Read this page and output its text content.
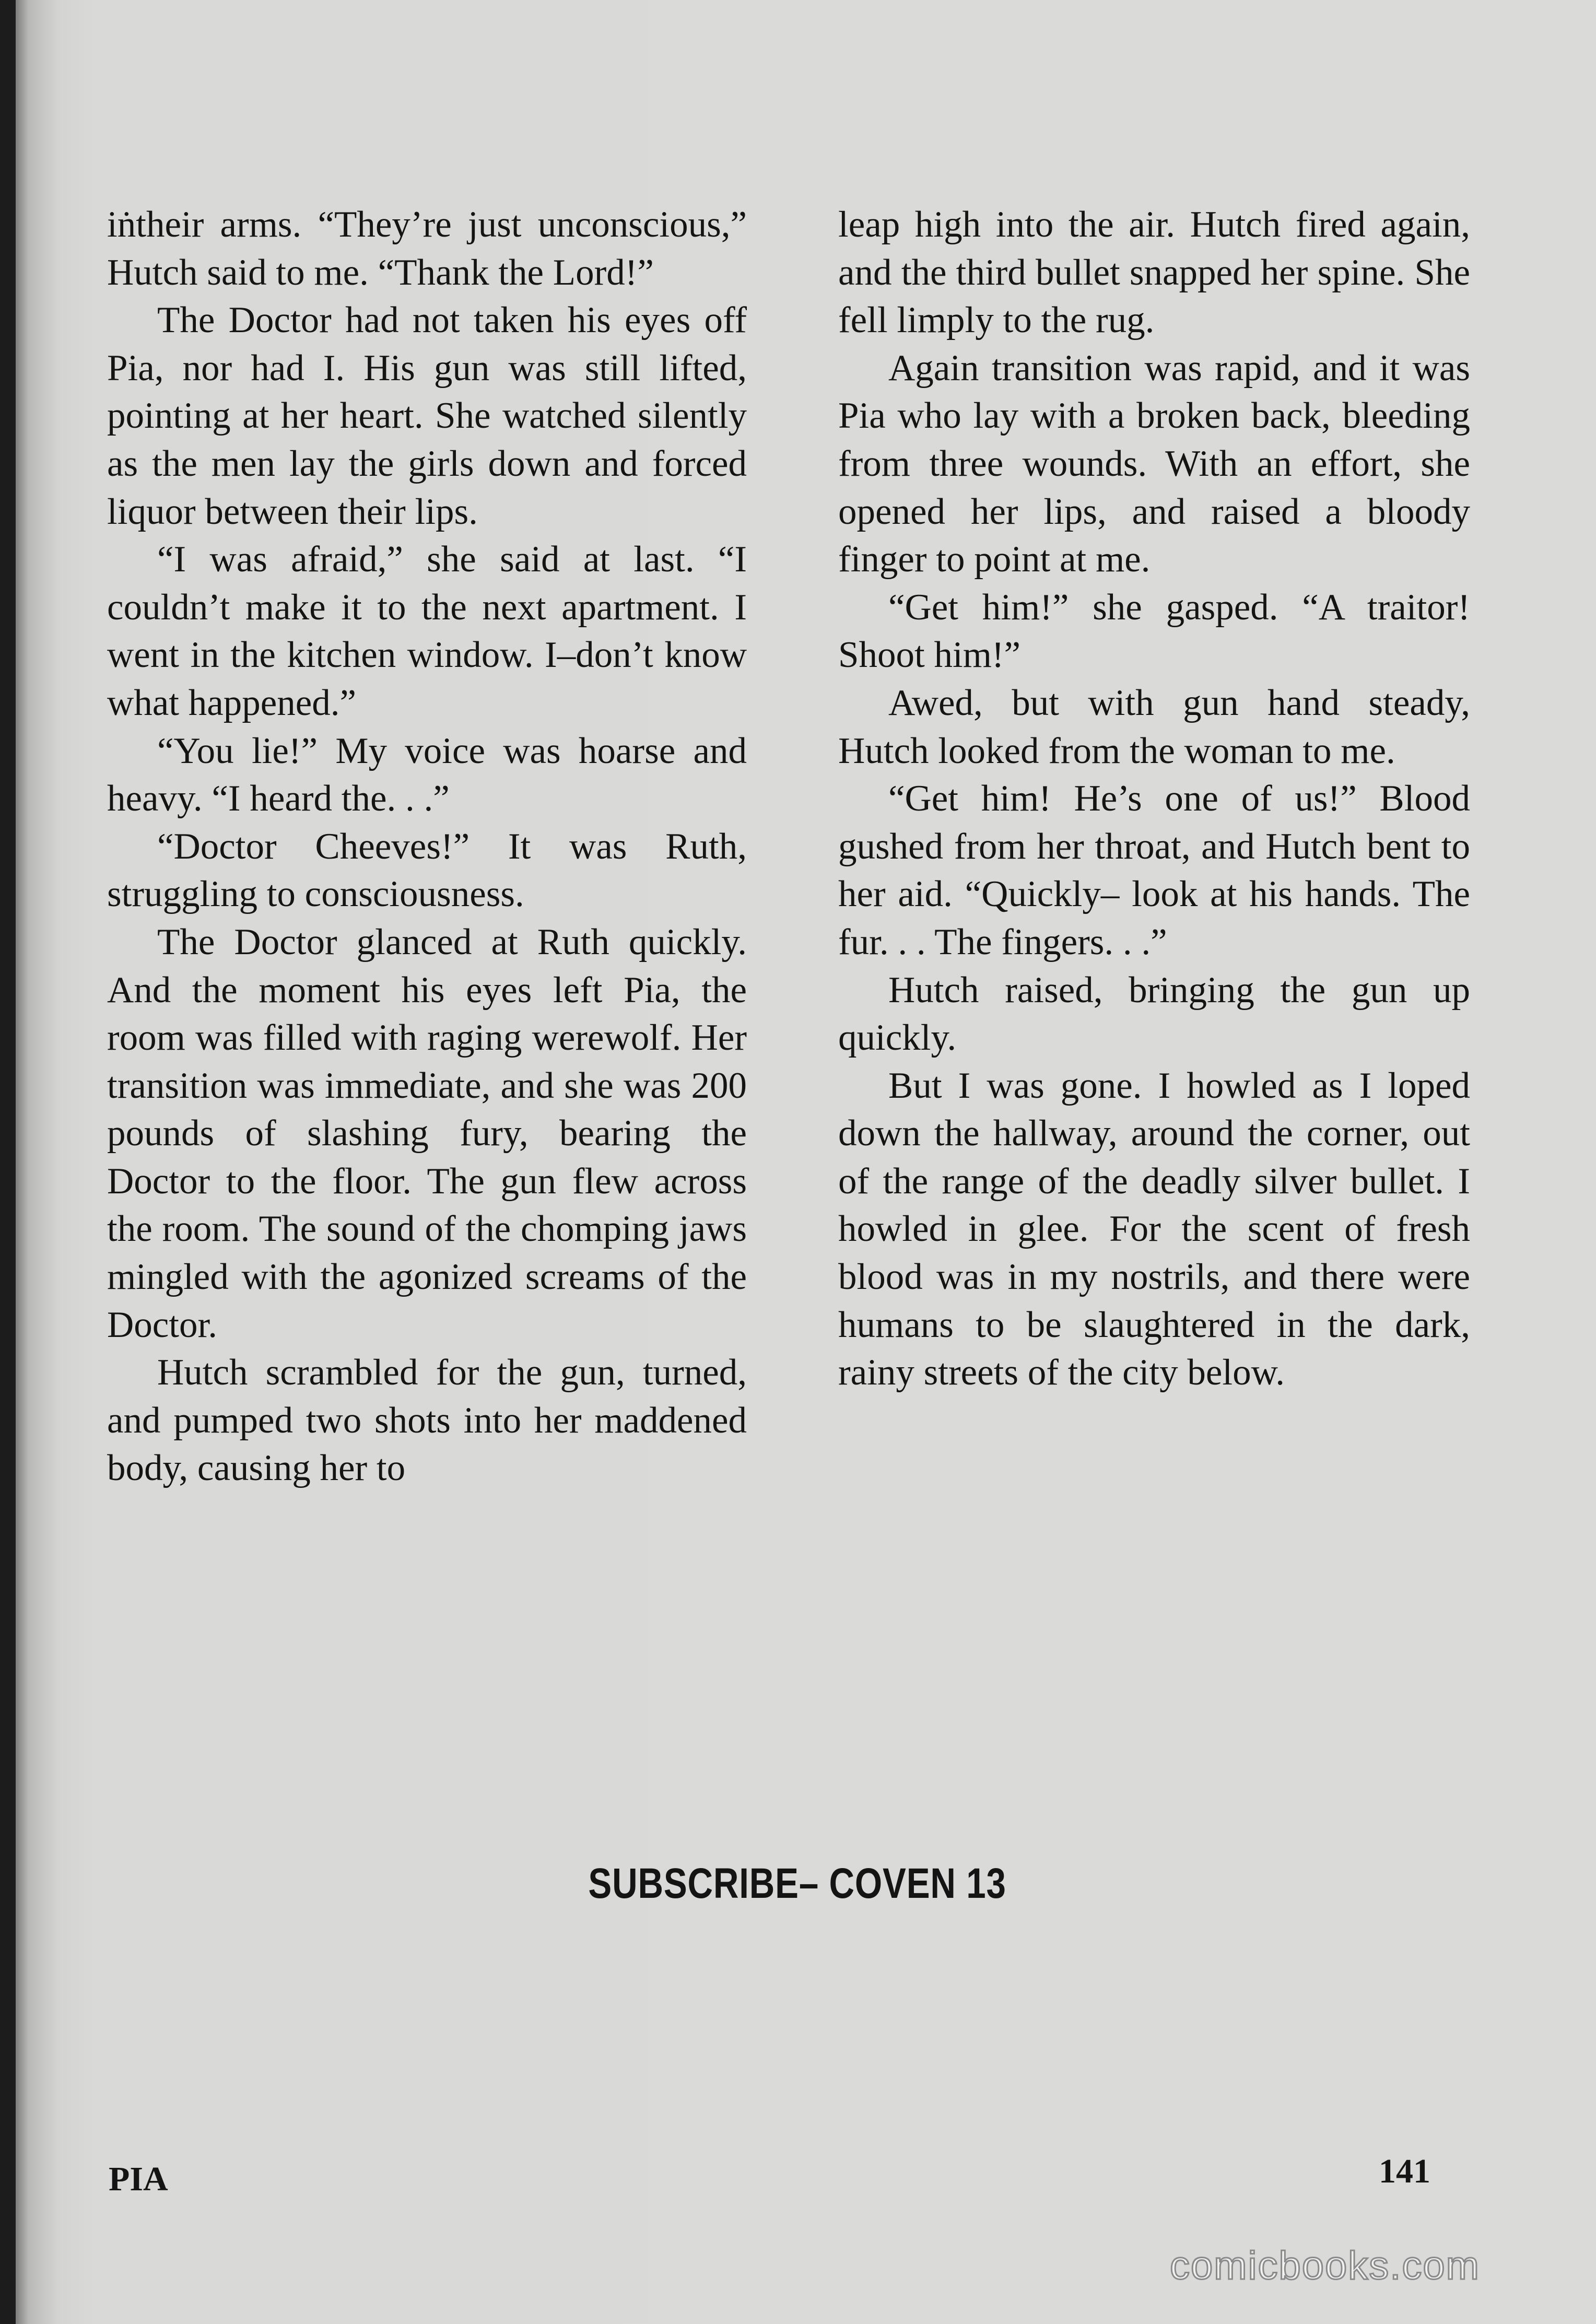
iṅtheir arms. “They’re just unconscious,” Hutch said to me. “Thank the Lord!”

The Doctor had not taken his eyes off Pia, nor had I. His gun was still lifted, pointing at her heart. She watched silently as the men lay the girls down and forced liquor between their lips.

“I was afraid,” she said at last. “I couldn’t make it to the next apartment. I went in the kitchen window. I–don’t know what happened.”

“You lie!” My voice was hoarse and heavy. “I heard the. . .”

“Doctor Cheeves!” It was Ruth, struggling to consciousness.

The Doctor glanced at Ruth quickly. And the moment his eyes left Pia, the room was filled with raging werewolf. Her transition was immediate, and she was 200 pounds of slashing fury, bearing the Doctor to the floor. The gun flew across the room. The sound of the chomping jaws mingled with the agonized screams of the Doctor.

Hutch scrambled for the gun, turned, and pumped two shots into her maddened body, causing her to

leap high into the air. Hutch fired again, and the third bullet snapped her spine. She fell limply to the rug.

Again transition was rapid, and it was Pia who lay with a broken back, bleeding from three wounds. With an effort, she opened her lips, and raised a bloody finger to point at me.

“Get him!” she gasped. “A traitor! Shoot him!”

Awed, but with gun hand steady, Hutch looked from the woman to me.

“Get him! He’s one of us!” Blood gushed from her throat, and Hutch bent to her aid. “Quickly– look at his hands. The fur. . . The fingers. . .”

Hutch raised, bringing the gun up quickly.

But I was gone. I howled as I loped down the hallway, around the corner, out of the range of the deadly silver bullet. I howled in glee. For the scent of fresh blood was in my nostrils, and there were humans to be slaughtered in the dark, rainy streets of the city below.

SUBSCRIBE– COVEN 13
PIA	141
comicbooks.com
